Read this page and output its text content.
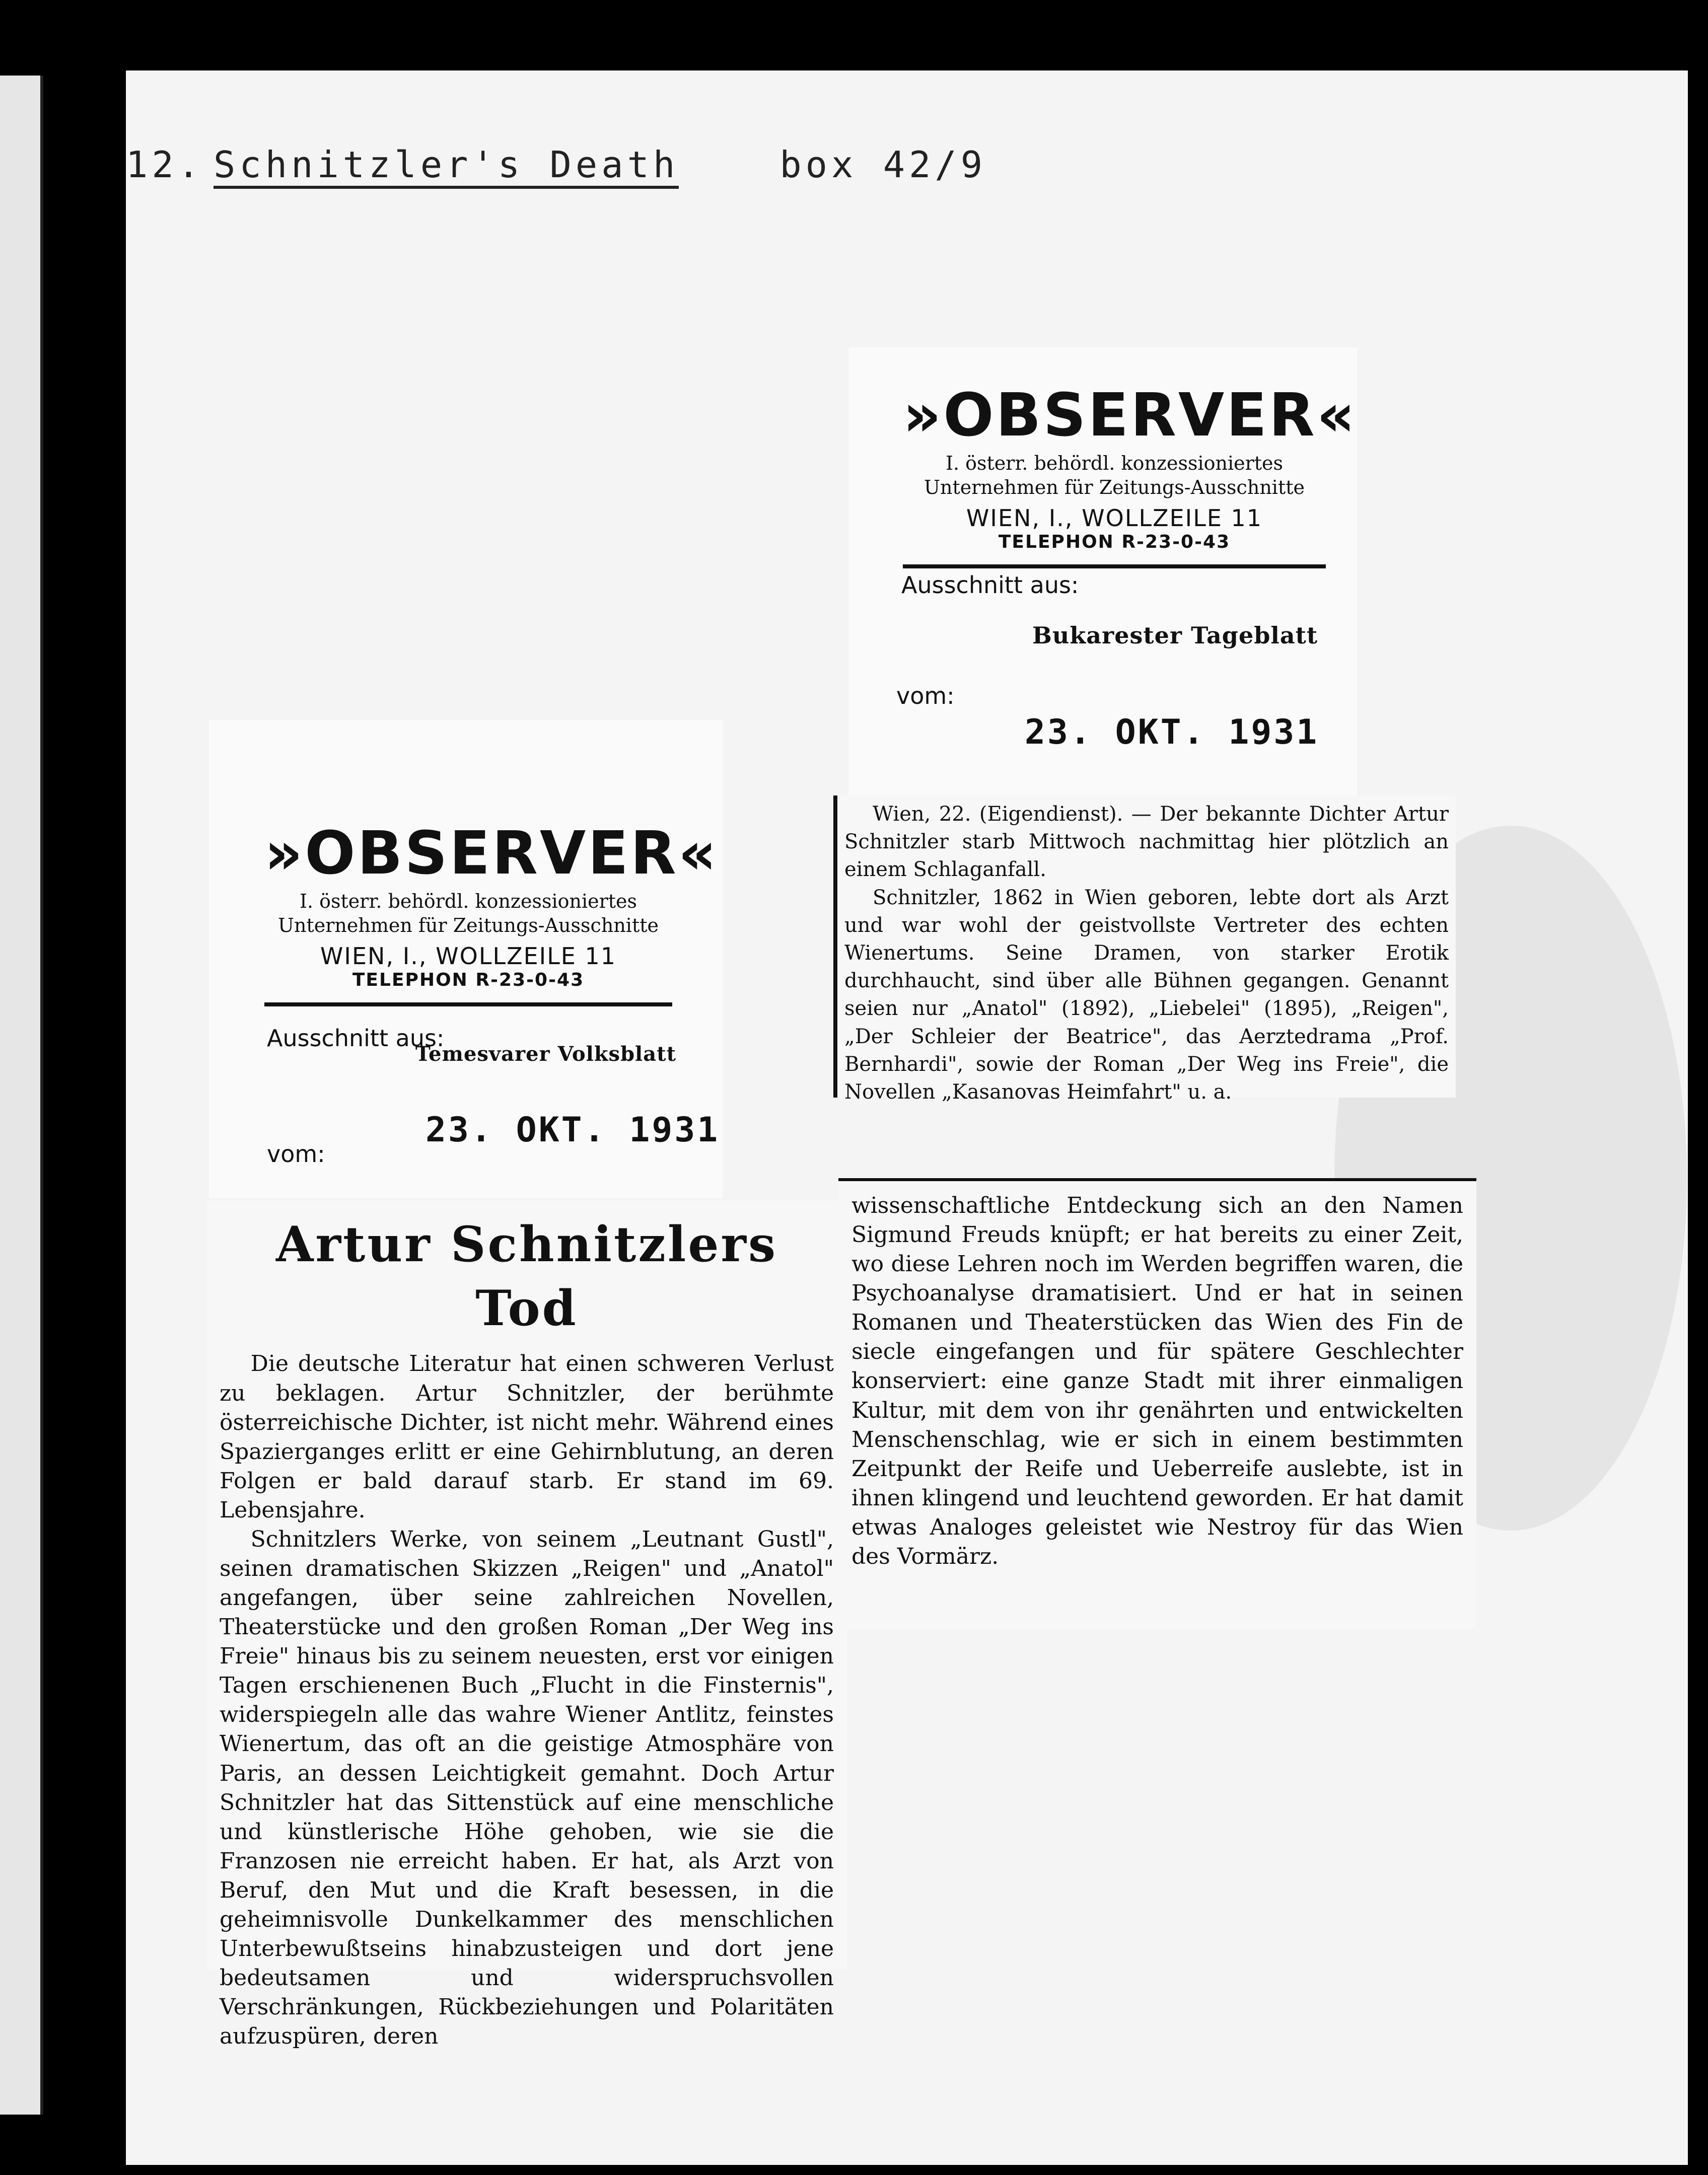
12. Schnitzler's Death	box 42/9
»OBSERVER«
I. österr. behördl. konzessioniertes
Unternehmen für Zeitungs-Ausschnitte
WIEN, I., WOLLZEILE 11
TELEPHON R-23-0-43
Ausschnitt aus:
Bukarester Tageblatt
vom:
23. OKT. 1931

Wien, 22. (Eigendienst). — Der bekannte Dichter Artur Schnitzler starb Mittwoch nachmittag hier plötzlich an einem Schlaganfall.

Schnitzler, 1862 in Wien geboren, lebte dort als Arzt und war wohl der geistvollste Vertreter des echten Wienertums. Seine Dramen, von starker Erotik durchhaucht, sind über alle Bühnen gegangen. Genannt seien nur „Anatol" (1892), „Liebelei" (1895), „Reigen", „Der Schleier der Beatrice", das Aerztedrama „Prof. Bernhardi", sowie der Roman „Der Weg ins Freie", die Novellen „Kasanovas Heimfahrt" u. a.

»OBSERVER«
I. österr. behördl. konzessioniertes
Unternehmen für Zeitungs-Ausschnitte
WIEN, I., WOLLZEILE 11
TELEPHON R-23-0-43
Ausschnitt aus:
Temesvarer Volksblatt
vom:
23. OKT. 1931
Artur Schnitzlers Tod

Die deutsche Literatur hat einen schweren Verlust zu beklagen. Artur Schnitzler, der berühmte österreichische Dichter, ist nicht mehr. Während eines Spazierganges erlitt er eine Gehirnblutung, an deren Folgen er bald darauf starb. Er stand im 69. Lebensjahre.

Schnitzlers Werke, von seinem „Leutnant Gustl", seinen dramatischen Skizzen „Reigen" und „Anatol" angefangen, über seine zahlreichen Novellen, Theaterstücke und den großen Roman „Der Weg ins Freie" hinaus bis zu seinem neuesten, erst vor einigen Tagen erschienenen Buch „Flucht in die Finsternis", widerspiegeln alle das wahre Wiener Antlitz, feinstes Wienertum, das oft an die geistige Atmosphäre von Paris, an dessen Leichtigkeit gemahnt. Doch Artur Schnitzler hat das Sittenstück auf eine menschliche und künstlerische Höhe gehoben, wie sie die Franzosen nie erreicht haben. Er hat, als Arzt von Beruf, den Mut und die Kraft besessen, in die geheimnisvolle Dunkelkammer des menschlichen Unterbewußtseins hinabzusteigen und dort jene bedeutsamen und widerspruchsvollen Verschränkungen, Rückbeziehungen und Polaritäten aufzuspüren, deren

wissenschaftliche Entdeckung sich an den Namen Sigmund Freuds knüpft; er hat bereits zu einer Zeit, wo diese Lehren noch im Werden begriffen waren, die Psychoanalyse dramatisiert. Und er hat in seinen Romanen und Theaterstücken das Wien des Fin de siecle eingefangen und für spätere Geschlechter konserviert: eine ganze Stadt mit ihrer einmaligen Kultur, mit dem von ihr genährten und entwickelten Menschenschlag, wie er sich in einem bestimmten Zeitpunkt der Reife und Ueberreife auslebte, ist in ihnen klingend und leuchtend geworden. Er hat damit etwas Analoges geleistet wie Nestroy für das Wien des Vormärz.
